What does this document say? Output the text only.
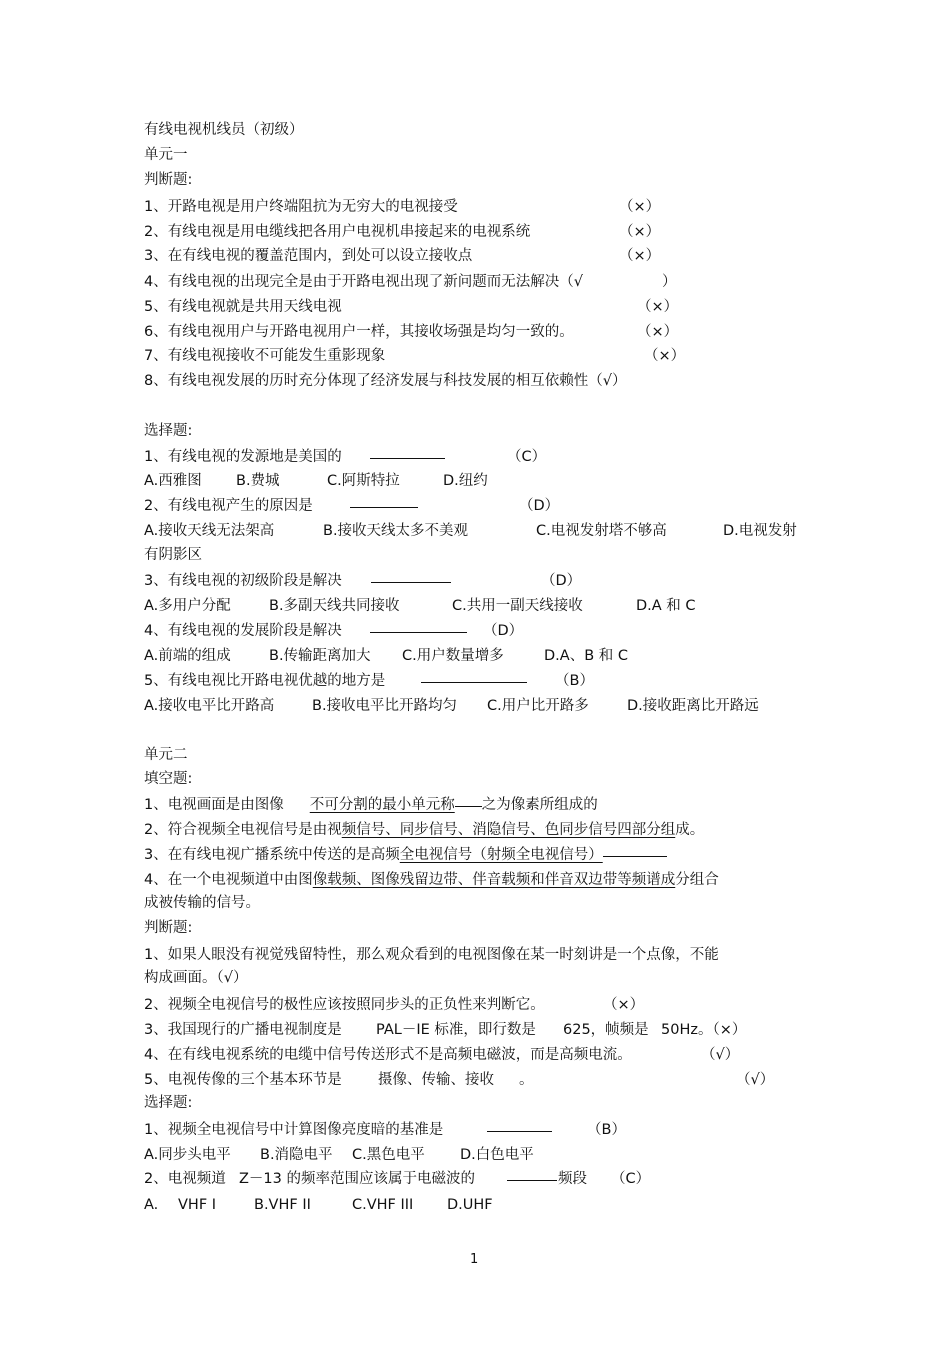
有线电视机线员（初级）
单元一
判断题:
1、开路电视是用户终端阻抗为无穷大的电视接受	（×）
2、有线电视是用电缆线把各用户电视机串接起来的电视系统	（×）
3、在有线电视的覆盖范围内，到处可以设立接收点	（×）
4、有线电视的出现完全是由于开路电视出现了新问题而无法解决（√	）
5、有线电视就是共用天线电视	（×）
6、有线电视用户与开路电视用户一样，其接收场强是均匀一致的。	（×）
7、有线电视接收不可能发生重影现象	（×）
8、有线电视发展的历时充分体现了经济发展与科技发展的相互依赖性（√）
选择题:
1、有线电视的发源地是美国的	（C）
A.西雅图 B.费城	C.阿斯特拉	D.纽约
2、有线电视产生的原因是	（D）
A.接收天线无法架高	B.接收天线太多不美观	C.电视发射塔不够高	D.电视发射
有阴影区
3、有线电视的初级阶段是解决	（D）
A.多用户分配	B.多副天线共同接收	C.共用一副天线接收	D.A 和 C
4、有线电视的发展阶段是解决	（D）
A.前端的组成	B.传输距离加大 C.用户数量增多	D.A、B 和 C
5、有线电视比开路电视优越的地方是	（B）
A.接收电平比开路高	B.接收电平比开路均匀 C.用户比开路多	D.接收距离比开路远
单元二
填空题:
1、电视画面是由图像 不可分割的最小单元称 之为像素所组成的
2、符合视频全电视信号是由视频信号、同步信号、消隐信号、色同步信号四部分组成。
3、在有线电视广播系统中传送的是高频全电视信号（射频全电视信号）
4、在一个电视频道中由图像载频、图像残留边带、伴音载频和伴音双边带等频谱成分组合
成被传输的信号。
判断题:
1、如果人眼没有视觉残留特性，那么观众看到的电视图像在某一时刻讲是一个点像，不能
构成画面。（√）
2、视频全电视信号的极性应该按照同步头的正负性来判断它。	（×）
3、我国现行的广播电视制度是 PAL－IE 标准，即行数是 625，帧频是 50Hz。（×）
4、在有线电视系统的电缆中信号传送形式不是高频电磁波，而是高频电流。	（√）
5、电视传像的三个基本环节是	摄像、传输、接收 。	（√）
选择题:
1、视频全电视信号中计算图像亮度暗的基准是	（B）
A.同步头电平 B.消隐电平 C.黑色电平 D.白色电平
2、电视频道 Z－13 的频率范围应该属于电磁波的	频段 （C）
A. VHF I	B.VHF II	C.VHF III D.UHF
1
